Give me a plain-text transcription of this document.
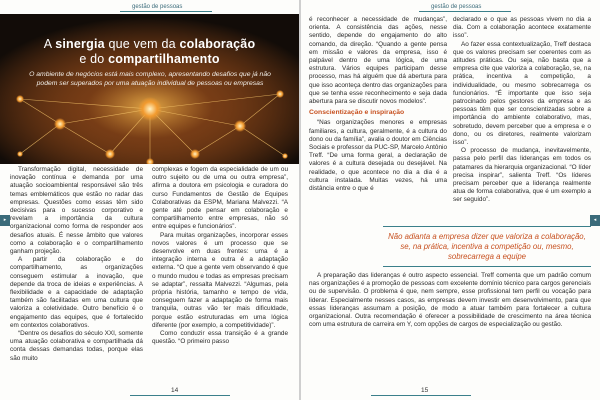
gestão de pessoas
A sinergia que vem da colaboração
e do compartilhamento
O ambiente de negócios está mais complexo, apresentando desafios que já não podem ser superados por uma atuação individual de pessoas ou empresas

Transformação digital, necessidade de inovação contínua e demanda por uma atuação socioambiental responsável são três temas emblemáticos que estão no radar das empresas. Questões como essas têm sido decisivas para o sucesso corporativo e revelam a importância da cultura organizacional como forma de responder aos desafios atuais. É nesse âmbito que valores como a colaboração e o compartilhamento ganham projeção.

A partir da colaboração e do compartilhamento, as organizações conseguem estimular a inovação, que depende da troca de ideias e experiências. A flexibilidade e a capacidade de adaptação também são facilitadas em uma cultura que valoriza a coletividade. Outro benefício é o engajamento das equipes, que é fortalecido em contextos colaborativos.

“Dentre os desafios do século XXI, somente uma atuação colaborativa e compartilhada dá conta dessas demandas todas, porque elas são muito

complexas e fogem da especialidade de um ou outro sujeito ou de uma ou outra empresa”, afirma a doutora em psicologia e curadora do curso Fundamentos de Gestão de Equipes Colaborativas da ESPM, Mariana Malvezzi. “A gente até pode pensar em colaboração e compartilhamento entre empresas, não só entre equipes e funcionários”.

Para muitas organizações, incorporar esses novos valores é um processo que se desenvolve em duas frentes: uma é a integração interna e outra é a adaptação externa. “O que a gente vem observando é que o mundo mudou e todas as empresas precisam se adaptar”, ressalta Malvezzi. “Algumas, pela própria história, tamanho e tempo de vida, conseguem fazer a adaptação de forma mais tranquila, outras vão ter mais dificuldade, porque estão estruturadas em uma lógica diferente (por exemplo, a competitividade)”.

Como conduzir essa transição é a grande questão. “O primeiro passo

▸
14
gestão de pessoas

é reconhecer a necessidade de mudanças”, orienta. A consistência das ações, nesse sentido, depende do engajamento do alto comando, da direção. “Quando a gente pensa em missão e valores da empresa, isso é palpável dentro de uma lógica, de uma estrutura. Vários equipes participam desse processo, mas há alguém que dá abertura para que isso aconteça dentro das organizações para que se tenha esse reconhecimento e seja dada abertura para se discutir novos modelos”.

Conscientização e inspiração

“Nas organizações menores e empresas familiares, a cultura, geralmente, é a cultura do dono ou da família”, avalia o doutor em Ciências Sociais e professor da PUC-SP, Marcelo Antônio Treff. “De uma forma geral, a declaração de valores é a cultura desejada ou desejável. Na realidade, o que acontece no dia a dia é a cultura instalada. Muitas vezes, há uma distância entre o que é

declarado e o que as pessoas vivem no dia a dia. Com a colaboração acontece exatamente isso”.

Ao fazer essa contextualização, Treff destaca que os valores precisam ser coerentes com as atitudes práticas. Ou seja, não basta que a empresa cite que valoriza a colaboração, se, na prática, incentiva a competição, a individualidade, ou mesmo sobrecarrega os funcionários. “É importante que isso seja patrocinado pelos gestores da empresa e as pessoas têm que ser conscientizadas sobre a importância do ambiente colaborativo, mas, sobretudo, devem perceber que a empresa e o dono, ou os diretores, realmente valorizam isso”.

O processo de mudança, inevitavelmente, passa pelo perfil das lideranças em todos os patamares da hierarquia organizacional. “O líder precisa inspirar”, salienta Treff. “Os líderes precisam perceber que a liderança realmente atua de forma colaborativa, que é um exemplo a ser seguido”.

Não adianta a empresa dizer que valoriza a colaboração, se, na prática, incentiva a competição ou, mesmo, sobrecarrega a equipe

A preparação das lideranças é outro aspecto essencial. Treff comenta que um padrão comum nas organizações é a promoção de pessoas com excelente domínio técnico para cargos gerenciais ou de supervisão. O problema é que, nem sempre, esse profissional tem perfil ou vocação para liderar. Especialmente nesses casos, as empresas devem investir em desenvolvimento, para que essas lideranças assumam a posição, de modo a atuar também para fortalecer a cultura organizacional. Outra recomendação é oferecer a possibilidade de crescimento na área técnica com uma estrutura de carreira em Y, com opções de cargos de especialização ou gestão.

◂
15
